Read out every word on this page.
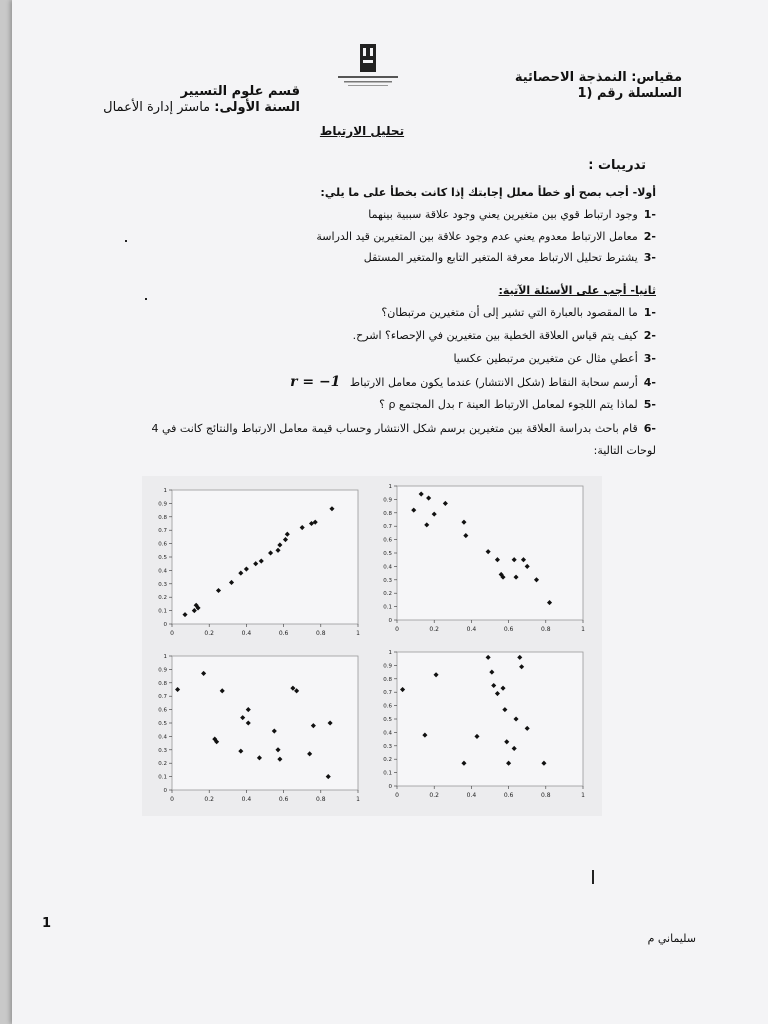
قسم علوم التسيير
السنة الأولى: ماستر إدارة الأعمال
مقياس: النمذجة الاحصائية
السلسلة رقم (1
تحليل الارتباط
تدريبات :
أولا- أجب بصح أو خطأ معلل إجابتك إذا كانت بخطأ على ما يلي:
-1وجود ارتباط قوي بين متغيرين يعني وجود علاقة سببية بينهما
-2معامل الارتباط معدوم يعني عدم وجود علاقة بين المتغيرين قيد الدراسة
-3يشترط تحليل الارتباط معرفة المتغير التابع والمتغير المستقل
ثانيا- أجب على الأسئلة الآتية:
-1ما المقصود بالعبارة التي تشير إلى أن متغيرين مرتبطان؟
-2كيف يتم قياس العلاقة الخطية بين متغيرين في الإحصاء؟ اشرح.
-3أعطي مثال عن متغيرين مرتبطين عكسيا
-4أرسم سحابة النقاط (شكل الانتشار) عندما يكون معامل الارتباط r = −1
-5لماذا يتم اللجوء لمعامل الارتباط العينة r بدل المجتمع ρ ؟
-6قام باحث بدراسة العلاقة بين متغيرين برسم شكل الانتشار وحساب قيمة معامل الارتباط والنتائج كانت في 4
لوحات التالية:
0
0.1
0.2
0.3
0.4
0.5
0.6
0.7
0.8
0.9
1
0	0.2	0.4	0.6	0.8	1
0
0.1
0.2
0.3
0.4
0.5
0.6
0.7
0.8
0.9
1
0	0.2	0.4	0.6	0.8	1
0
0.1
0.2
0.3
0.4
0.5
0.6
0.7
0.8
0.9
1
0	0.2	0.4	0.6	0.8	1
0
0.1
0.2
0.3
0.4
0.5
0.6
0.7
0.8
0.9
1
0	0.2	0.4	0.6	0.8	1
1
سليماني م
